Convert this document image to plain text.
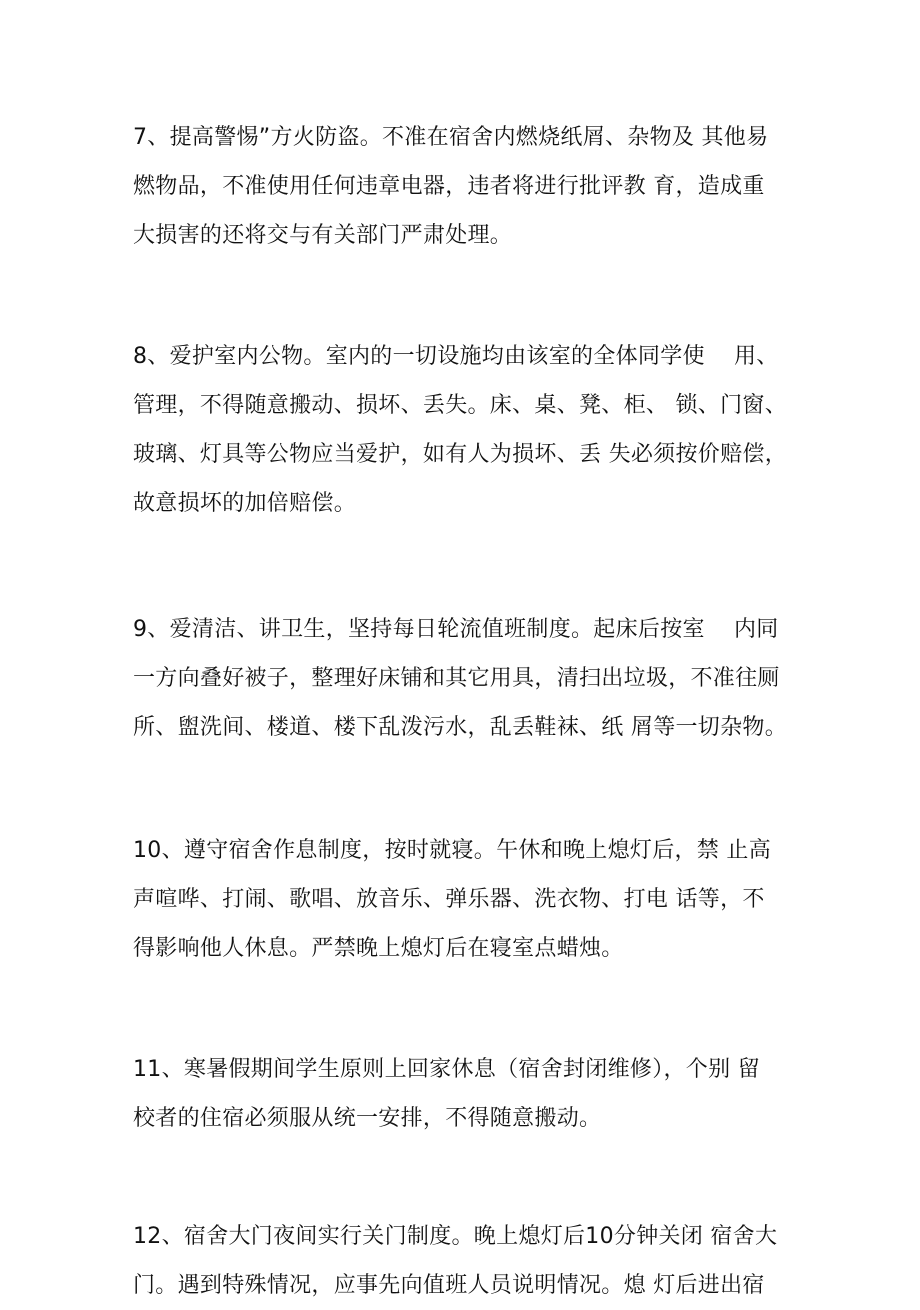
7、提高警惕”方火防盗。不准在宿舍内燃烧纸屑、杂物及 其他易
燃物品，不准使用任何违章电器，违者将进行批评教 育，造成重
大损害的还将交与有关部门严肃处理。
8、爱护室内公物。室内的一切设施均由该室的全体同学使    用、
管理，不得随意搬动、损坏、丢失。床、桌、凳、柜、 锁、门窗、
玻璃、灯具等公物应当爱护，如有人为损坏、丢 失必须按价赔偿，
故意损坏的加倍赔偿。
9、爱清洁、讲卫生，坚持每日轮流值班制度。起床后按室    内同
一方向叠好被子，整理好床铺和其它用具，清扫出垃圾，不准往厕
所、盥洗间、楼道、楼下乱泼污水，乱丢鞋袜、纸 屑等一切杂物。
10、遵守宿舍作息制度，按时就寝。午休和晚上熄灯后，禁 止高
声喧哗、打闹、歌唱、放音乐、弹乐器、洗衣物、打电 话等，不
得影响他人休息。严禁晚上熄灯后在寝室点蜡烛。
11、寒暑假期间学生原则上回家休息（宿舍封闭维修），个别 留
校者的住宿必须服从统一安排，不得随意搬动。
12、宿舍大门夜间实行关门制度。晚上熄灯后10分钟关闭 宿舍大
门。遇到特殊情况，应事先向值班人员说明情况。熄 灯后进出宿
